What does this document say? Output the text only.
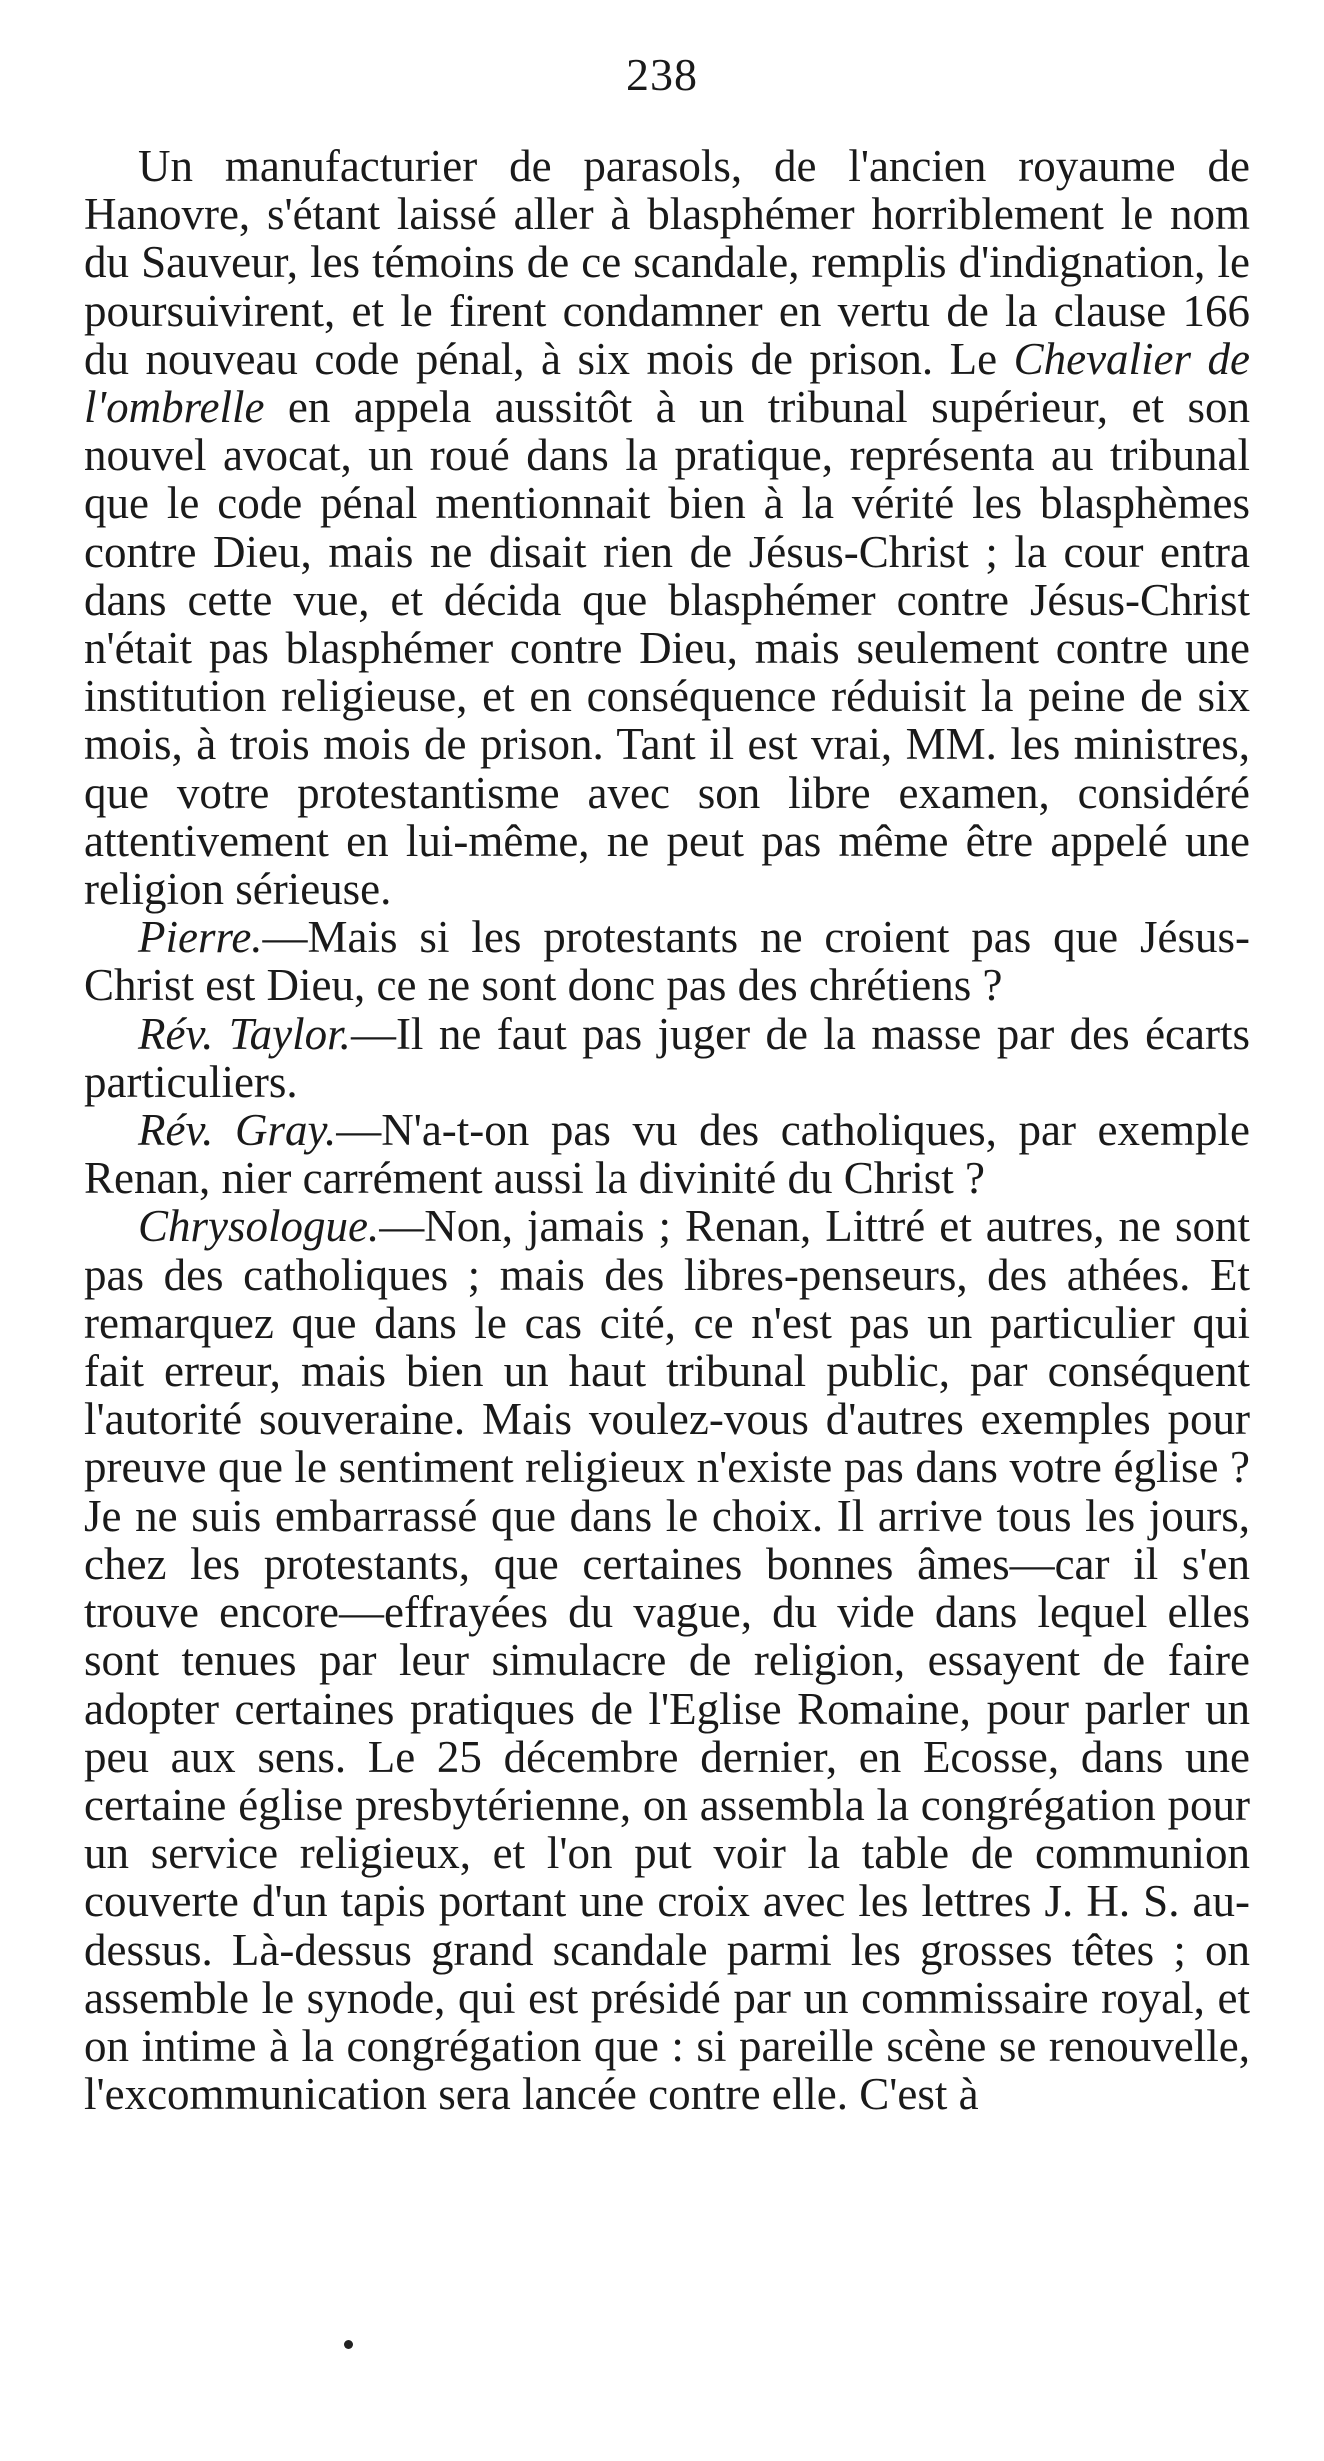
238

Un manufacturier de parasols, de l'ancien royaume de Hanovre, s'étant laissé aller à blasphémer horriblement le nom du Sauveur, les témoins de ce scandale, remplis d'indignation, le poursuivirent, et le firent condamner en vertu de la clause 166 du nouveau code pénal, à six mois de prison. Le Chevalier de l'ombrelle en appela aussitôt à un tribunal supérieur, et son nouvel avocat, un roué dans la pratique, représenta au tribunal que le code pénal mentionnait bien à la vérité les blasphèmes contre Dieu, mais ne disait rien de Jésus-Christ ; la cour entra dans cette vue, et décida que blasphémer contre Jésus-Christ n'était pas blasphémer contre Dieu, mais seulement contre une institution religieuse, et en conséquence réduisit la peine de six mois, à trois mois de prison. Tant il est vrai, MM. les ministres, que votre protestantisme avec son libre examen, considéré attentivement en lui-même, ne peut pas même être appelé une religion sérieuse.

Pierre.—Mais si les protestants ne croient pas que Jésus-Christ est Dieu, ce ne sont donc pas des chrétiens ?

Rév. Taylor.—Il ne faut pas juger de la masse par des écarts particuliers.

Rév. Gray.—N'a-t-on pas vu des catholiques, par exemple Renan, nier carrément aussi la divinité du Christ ?

Chrysologue.—Non, jamais ; Renan, Littré et autres, ne sont pas des catholiques ; mais des libres-penseurs, des athées. Et remarquez que dans le cas cité, ce n'est pas un particulier qui fait erreur, mais bien un haut tribunal public, par conséquent l'autorité souveraine. Mais voulez-vous d'autres exemples pour preuve que le sentiment religieux n'existe pas dans votre église ? Je ne suis embarrassé que dans le choix. Il arrive tous les jours, chez les protestants, que certaines bonnes âmes—car il s'en trouve encore—effrayées du vague, du vide dans lequel elles sont tenues par leur simulacre de religion, essayent de faire adopter certaines pratiques de l'Eglise Romaine, pour parler un peu aux sens. Le 25 décembre dernier, en Ecosse, dans une certaine église presbytérienne, on assembla la congrégation pour un service religieux, et l'on put voir la table de communion couverte d'un tapis portant une croix avec les lettres J. H. S. au-dessus. Là-dessus grand scandale parmi les grosses têtes ; on assemble le synode, qui est présidé par un commissaire royal, et on intime à la congrégation que : si pareille scène se renouvelle, l'excommunication sera lancée contre elle. C'est à
